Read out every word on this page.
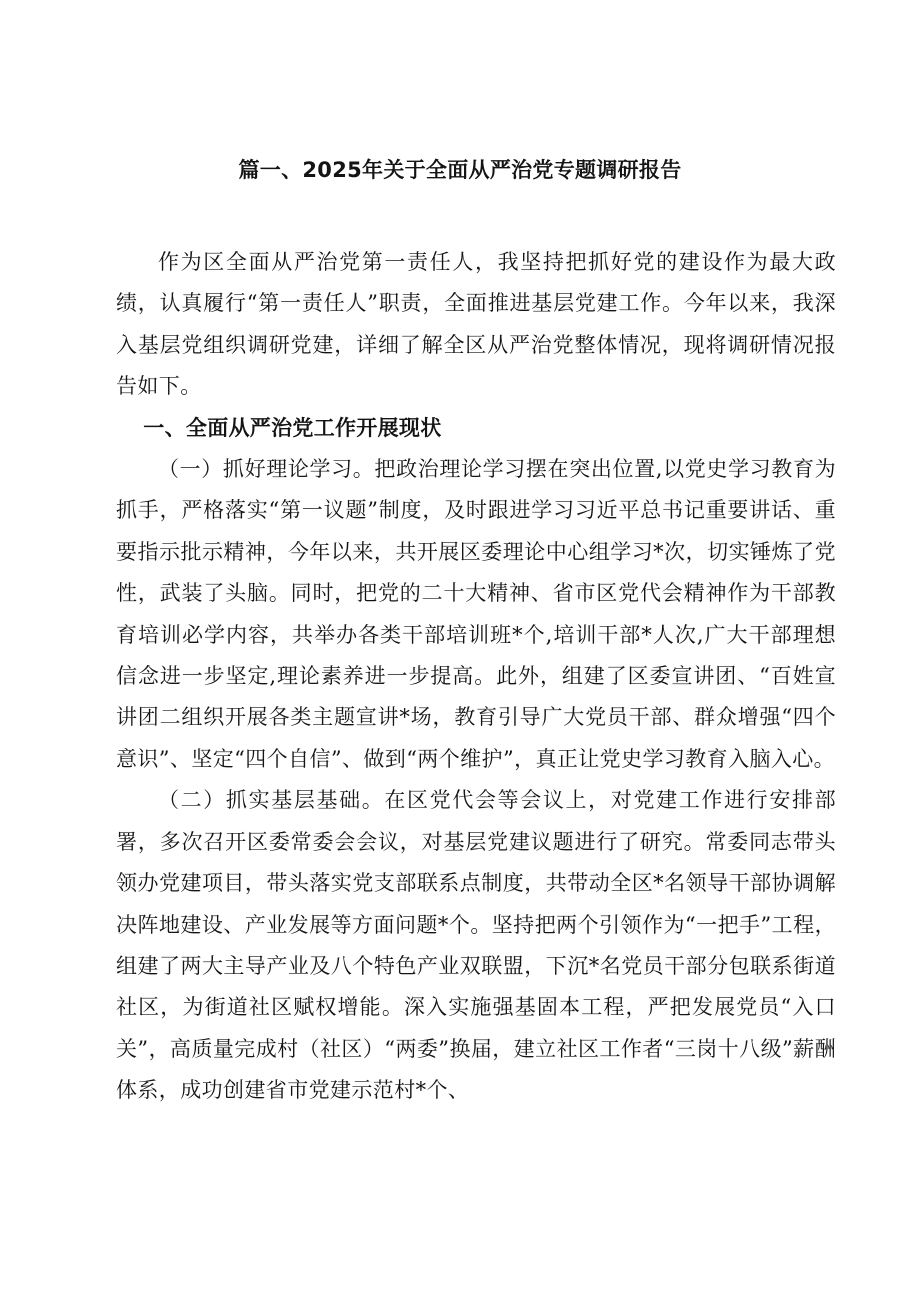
篇一、2025年关于全面从严治党专题调研报告

作为区全面从严治党第一责任人，我坚持把抓好党的建设作为最大政绩，认真履行“第一责任人”职责，全面推进基层党建工作。今年以来，我深入基层党组织调研党建，详细了解全区从严治党整体情况，现将调研情况报告如下。

一、全面从严治党工作开展现状

（一）抓好理论学习。把政治理论学习摆在突出位置,以党史学习教育为抓手，严格落实“第一议题”制度，及时跟进学习习近平总书记重要讲话、重要指示批示精神，今年以来，共开展区委理论中心组学习*次，切实锤炼了党性，武装了头脑。同时，把党的二十大精神、省市区党代会精神作为干部教育培训必学内容，共举办各类干部培训班*个,培训干部*人次,广大干部理想信念进一步坚定,理论素养进一步提高。此外，组建了区委宣讲团、“百姓宣讲团二组织开展各类主题宣讲*场，教育引导广大党员干部、群众增强“四个意识”、坚定“四个自信”、做到“两个维护”，真正让党史学习教育入脑入心。

（二）抓实基层基础。在区党代会等会议上，对党建工作进行安排部署，多次召开区委常委会会议，对基层党建议题进行了研究。常委同志带头领办党建项目，带头落实党支部联系点制度，共带动全区*名领导干部协调解决阵地建设、产业发展等方面问题*个。坚持把两个引领作为“一把手”工程，组建了两大主导产业及八个特色产业双联盟，下沉*名党员干部分包联系街道社区，为街道社区赋权增能。深入实施强基固本工程，严把发展党员“入口关”，高质量完成村（社区）“两委”换届，建立社区工作者“三岗十八级”薪酬体系，成功创建省市党建示范村*个、
